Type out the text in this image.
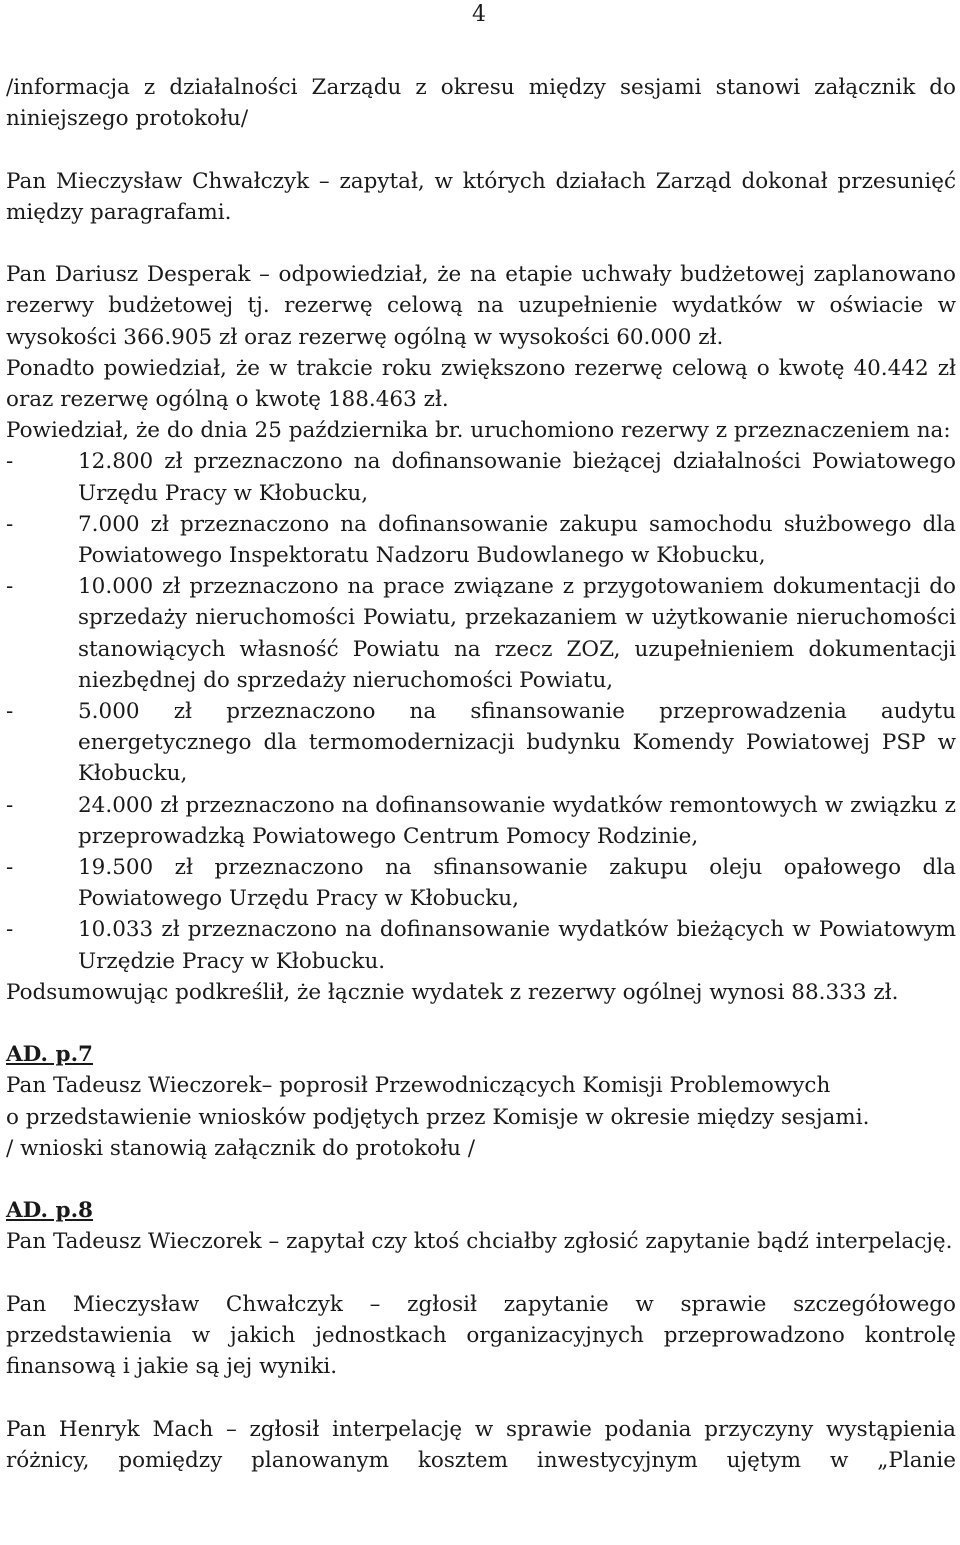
4

/informacja z działalności Zarządu z okresu między sesjami stanowi załącznik do niniejszego protokołu/

Pan Mieczysław Chwałczyk – zapytał, w których działach Zarząd dokonał przesunięć między paragrafami.

Pan Dariusz Desperak – odpowiedział, że na etapie uchwały budżetowej zaplanowano rezerwy budżetowej tj. rezerwę celową na uzupełnienie wydatków w oświacie w wysokości 366.905 zł oraz rezerwę ogólną w wysokości 60.000 zł.

Ponadto powiedział, że w trakcie roku zwiększono rezerwę celową o kwotę 40.442 zł oraz rezerwę ogólną o kwotę 188.463 zł.

Powiedział, że do dnia 25 października br. uruchomiono rezerwy z przeznaczeniem na:

-	12.800 zł przeznaczono na dofinansowanie bieżącej działalności Powiatowego Urzędu Pracy w Kłobucku,
-	7.000 zł przeznaczono na dofinansowanie zakupu samochodu służbowego dla Powiatowego Inspektoratu Nadzoru Budowlanego w Kłobucku,
-	10.000 zł przeznaczono na prace związane z przygotowaniem dokumentacji do sprzedaży nieruchomości Powiatu, przekazaniem w użytkowanie nieruchomości stanowiących własność Powiatu na rzecz ZOZ, uzupełnieniem dokumentacji niezbędnej do sprzedaży nieruchomości Powiatu,
-	5.000 zł przeznaczono na sfinansowanie przeprowadzenia audytu energetycznego dla termomodernizacji budynku Komendy Powiatowej PSP w Kłobucku,
-	24.000 zł przeznaczono na dofinansowanie wydatków remontowych w związku z przeprowadzką Powiatowego Centrum Pomocy Rodzinie,
-	19.500 zł przeznaczono na sfinansowanie zakupu oleju opałowego dla Powiatowego Urzędu Pracy w Kłobucku,
-	10.033 zł przeznaczono na dofinansowanie wydatków bieżących w Powiatowym Urzędzie Pracy w Kłobucku.

Podsumowując podkreślił, że łącznie wydatek z rezerwy ogólnej wynosi 88.333 zł.

AD. p.7

Pan Tadeusz Wieczorek– poprosił Przewodniczących Komisji Problemowych

o przedstawienie wniosków podjętych przez Komisje w okresie między sesjami.

/ wnioski stanowią załącznik do protokołu /

AD. p.8

Pan Tadeusz Wieczorek – zapytał czy ktoś chciałby zgłosić zapytanie bądź interpelację.

Pan Mieczysław Chwałczyk – zgłosił zapytanie w sprawie szczegółowego przedstawienia w jakich jednostkach organizacyjnych przeprowadzono kontrolę finansową i jakie są jej wyniki.

Pan Henryk Mach – zgłosił interpelację w sprawie podania przyczyny wystąpienia różnicy, pomiędzy planowanym kosztem inwestycyjnym ujętym w „Planie
